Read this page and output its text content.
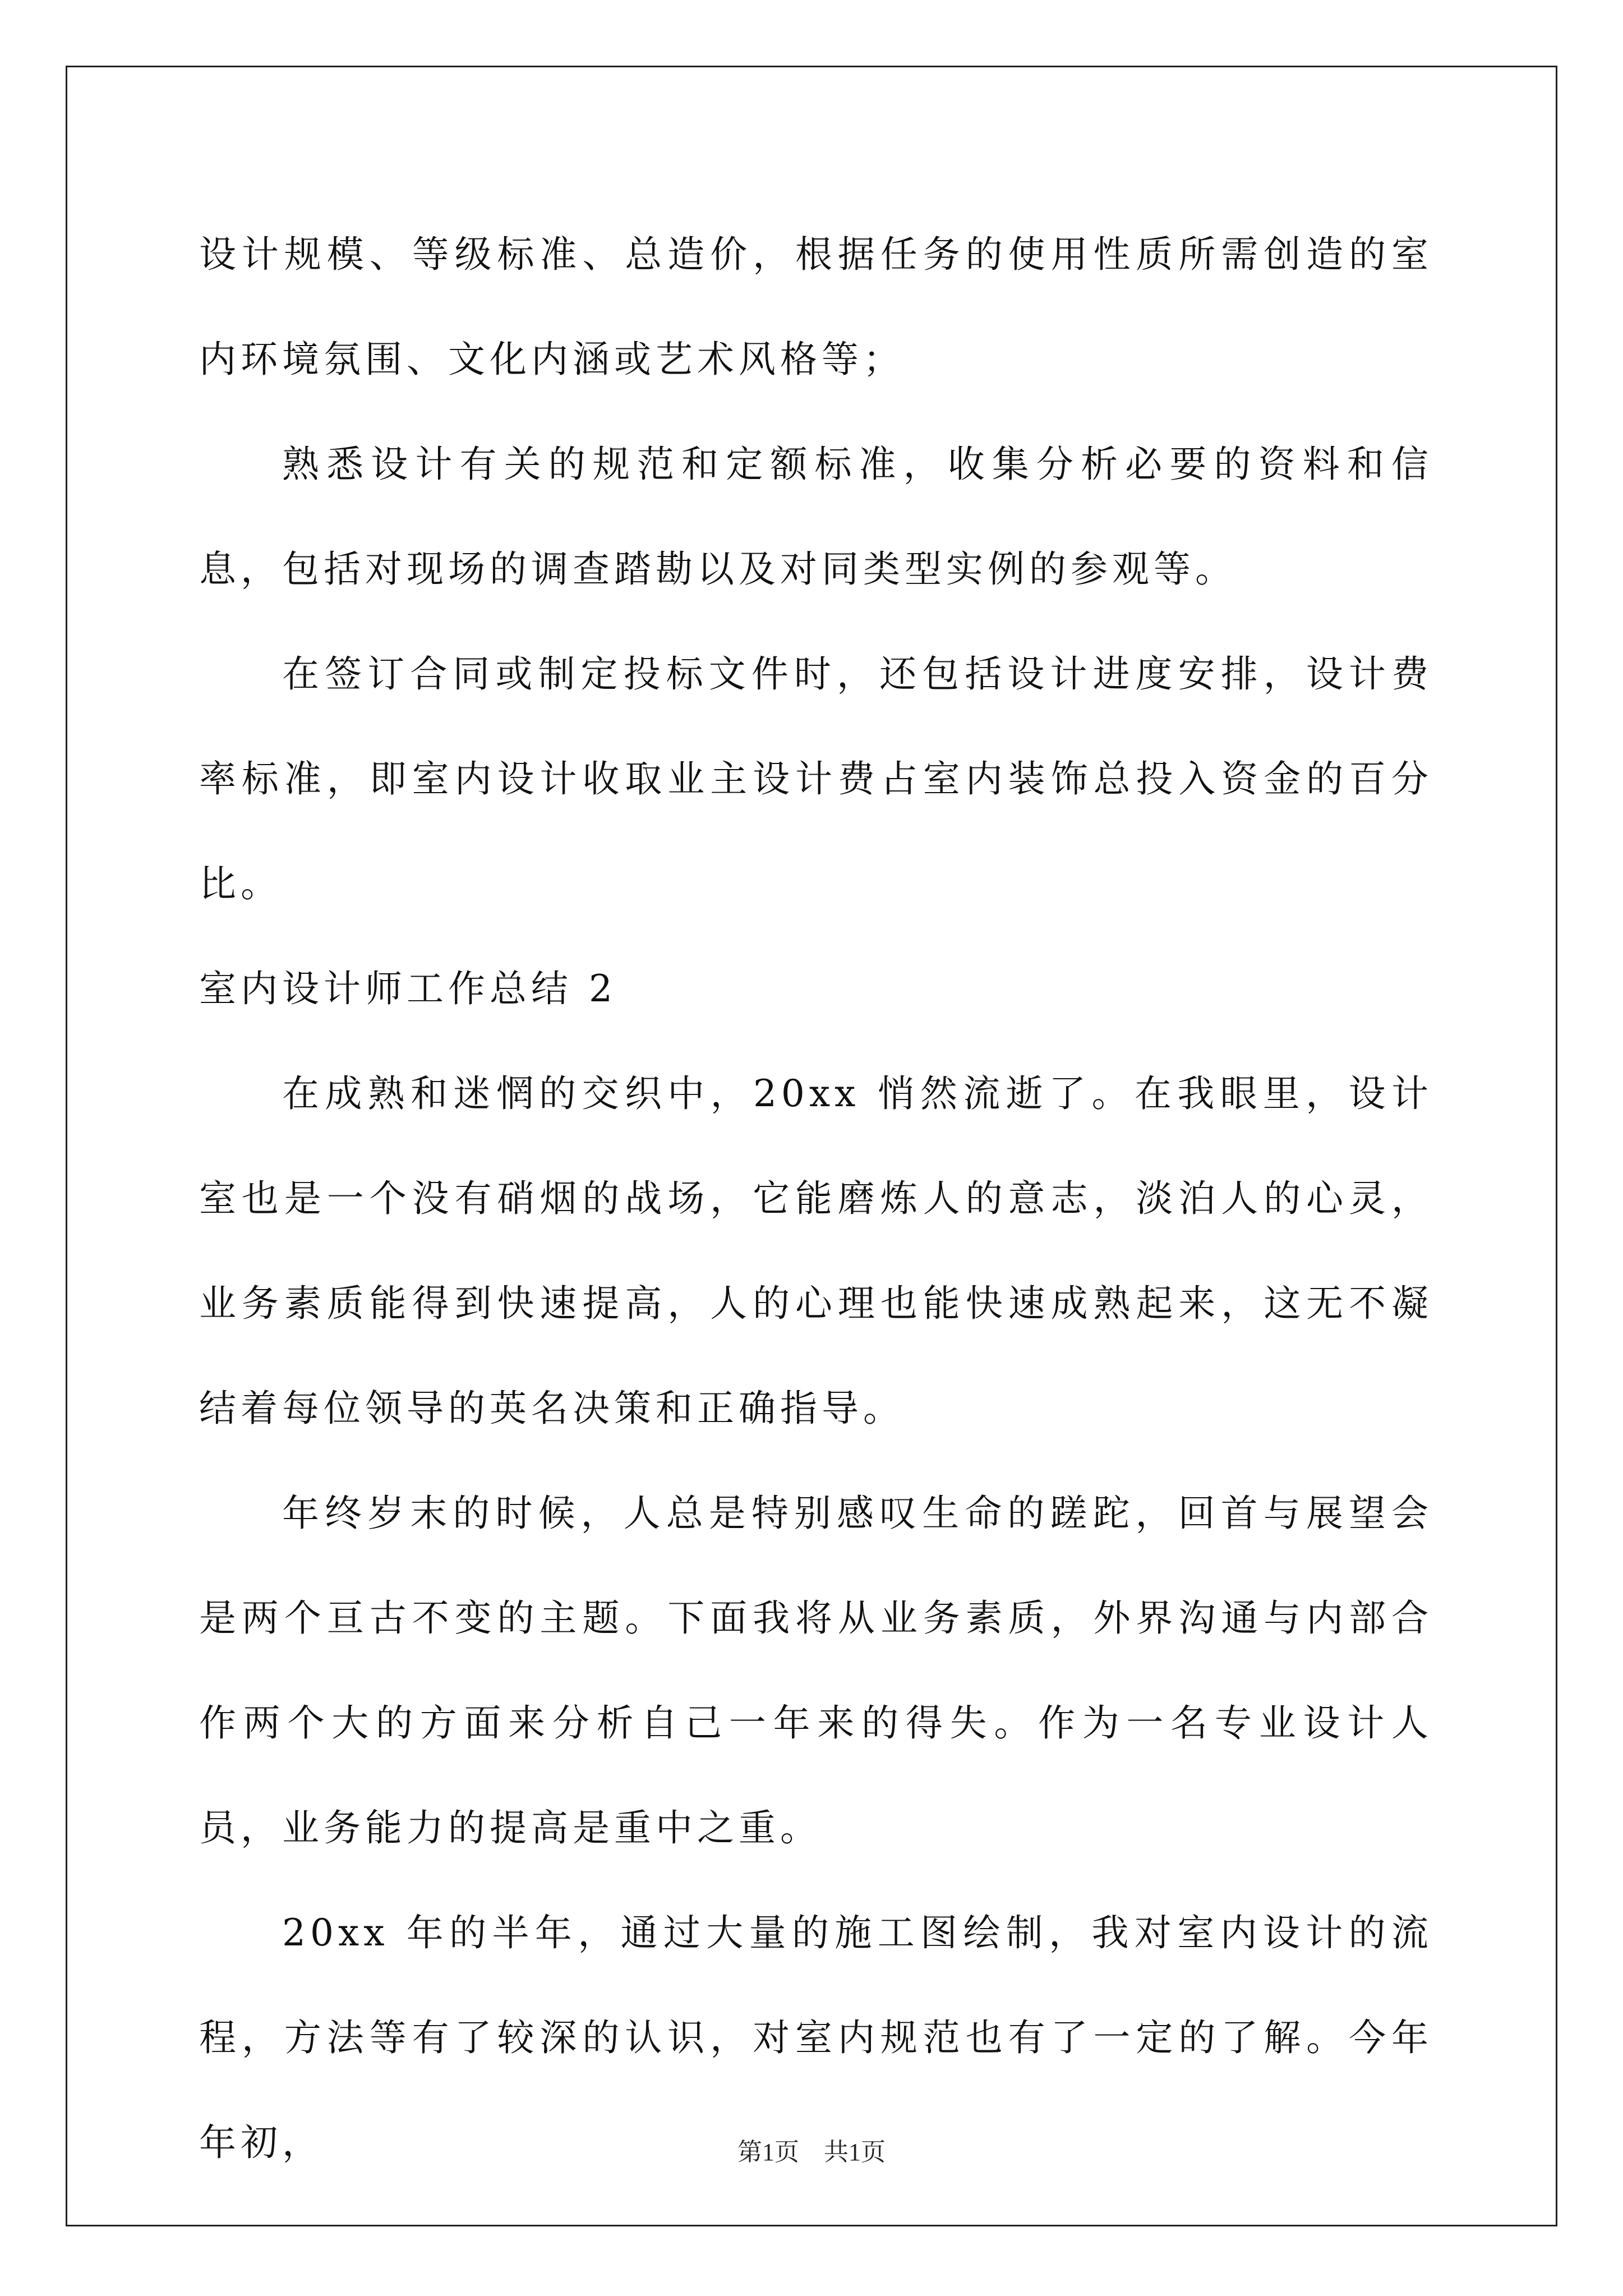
设计规模、等级标准、总造价，根据任务的使用性质所需创造的室内环境氛围、文化内涵或艺术风格等；

熟悉设计有关的规范和定额标准，收集分析必要的资料和信息，包括对现场的调查踏勘以及对同类型实例的参观等。

在签订合同或制定投标文件时，还包括设计进度安排，设计费率标准，即室内设计收取业主设计费占室内装饰总投入资金的百分比。

室内设计师工作总结 2

在成熟和迷惘的交织中，20xx 悄然流逝了。在我眼里，设计室也是一个没有硝烟的战场，它能磨炼人的意志，淡泊人的心灵，业务素质能得到快速提高，人的心理也能快速成熟起来，这无不凝结着每位领导的英名决策和正确指导。

年终岁末的时候，人总是特别感叹生命的蹉跎，回首与展望会是两个亘古不变的主题。下面我将从业务素质，外界沟通与内部合作两个大的方面来分析自己一年来的得失。作为一名专业设计人员，业务能力的提高是重中之重。

20xx 年的半年，通过大量的施工图绘制，我对室内设计的流程，方法等有了较深的认识，对室内规范也有了一定的了解。今年年初，	第1页　共1页
